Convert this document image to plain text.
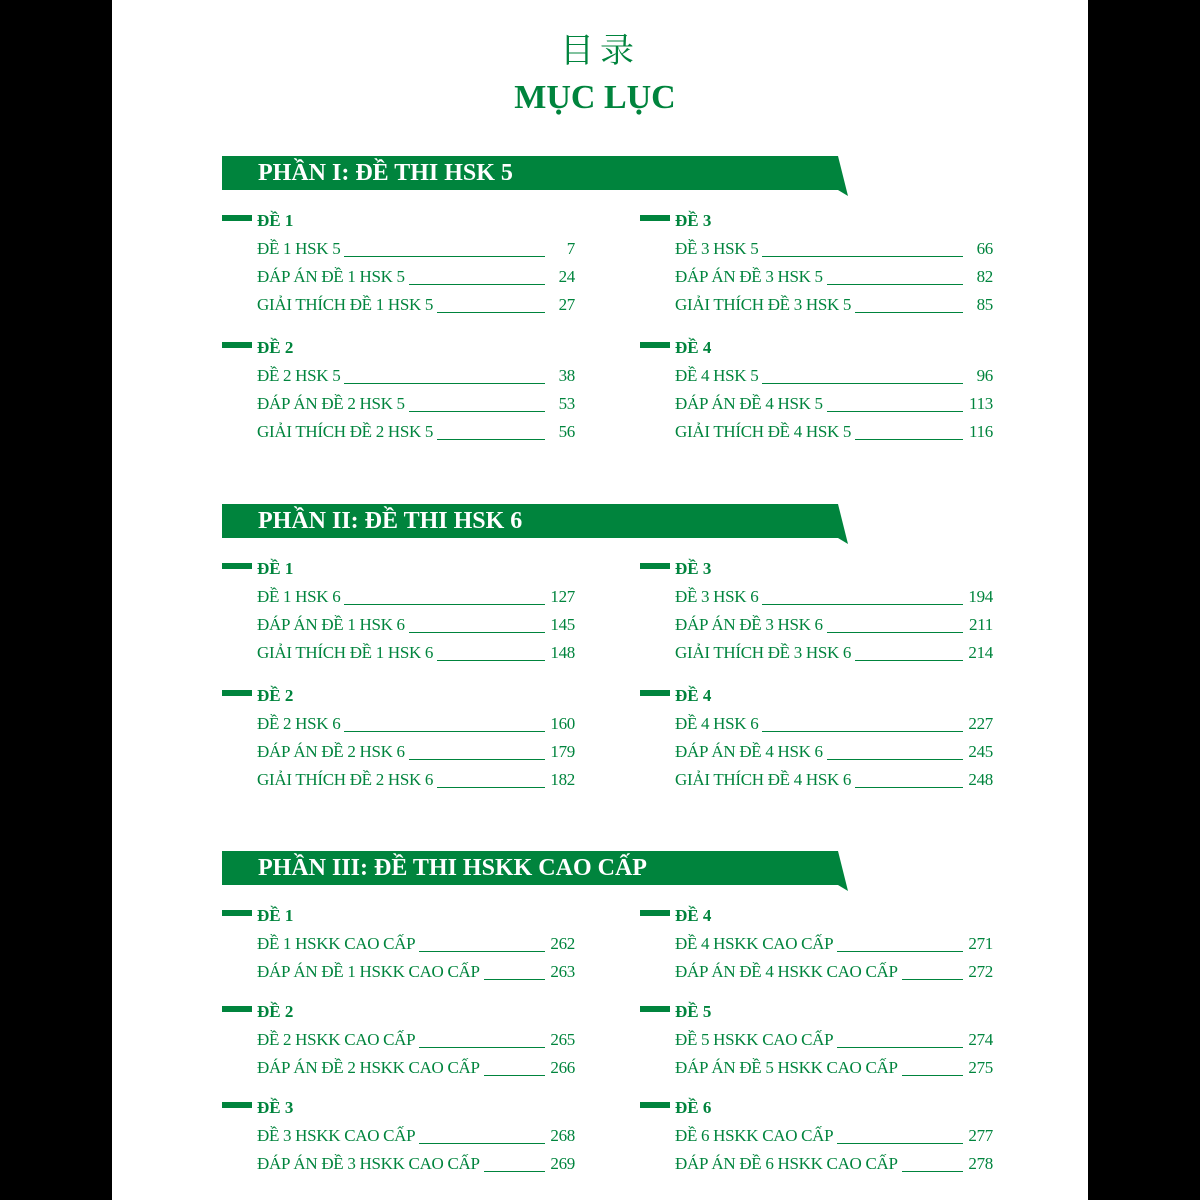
目录
MỤC LỤC
PHẦN I: ĐỀ THI HSK 5
ĐỀ 1
ĐỀ 1 HSK 5	7
ĐÁP ÁN ĐỀ 1 HSK 5	24
GIẢI THÍCH ĐỀ 1 HSK 5	27
ĐỀ 3
ĐỀ 3 HSK 5	66
ĐÁP ÁN ĐỀ 3 HSK 5	82
GIẢI THÍCH ĐỀ 3 HSK 5	85
ĐỀ 2
ĐỀ 2 HSK 5	38
ĐÁP ÁN ĐỀ 2 HSK 5	53
GIẢI THÍCH ĐỀ 2 HSK 5	56
ĐỀ 4
ĐỀ 4 HSK 5	96
ĐÁP ÁN ĐỀ 4 HSK 5	113
GIẢI THÍCH ĐỀ 4 HSK 5	116
PHẦN II: ĐỀ THI HSK 6
ĐỀ 1
ĐỀ 1 HSK 6	127
ĐÁP ÁN ĐỀ 1 HSK 6	145
GIẢI THÍCH ĐỀ 1 HSK 6	148
ĐỀ 3
ĐỀ 3 HSK 6	194
ĐÁP ÁN ĐỀ 3 HSK 6	211
GIẢI THÍCH ĐỀ 3 HSK 6	214
ĐỀ 2
ĐỀ 2 HSK 6	160
ĐÁP ÁN ĐỀ 2 HSK 6	179
GIẢI THÍCH ĐỀ 2 HSK 6	182
ĐỀ 4
ĐỀ 4 HSK 6	227
ĐÁP ÁN ĐỀ 4 HSK 6	245
GIẢI THÍCH ĐỀ 4 HSK 6	248
PHẦN III: ĐỀ THI HSKK CAO CẤP
ĐỀ 1
ĐỀ 1 HSKK CAO CẤP	262
ĐÁP ÁN ĐỀ 1 HSKK CAO CẤP	263
ĐỀ 4
ĐỀ 4 HSKK CAO CẤP	271
ĐÁP ÁN ĐỀ 4 HSKK CAO CẤP	272
ĐỀ 2
ĐỀ 2 HSKK CAO CẤP	265
ĐÁP ÁN ĐỀ 2 HSKK CAO CẤP	266
ĐỀ 5
ĐỀ 5 HSKK CAO CẤP	274
ĐÁP ÁN ĐỀ 5 HSKK CAO CẤP	275
ĐỀ 3
ĐỀ 3 HSKK CAO CẤP	268
ĐÁP ÁN ĐỀ 3 HSKK CAO CẤP	269
ĐỀ 6
ĐỀ 6 HSKK CAO CẤP	277
ĐÁP ÁN ĐỀ 6 HSKK CAO CẤP	278
